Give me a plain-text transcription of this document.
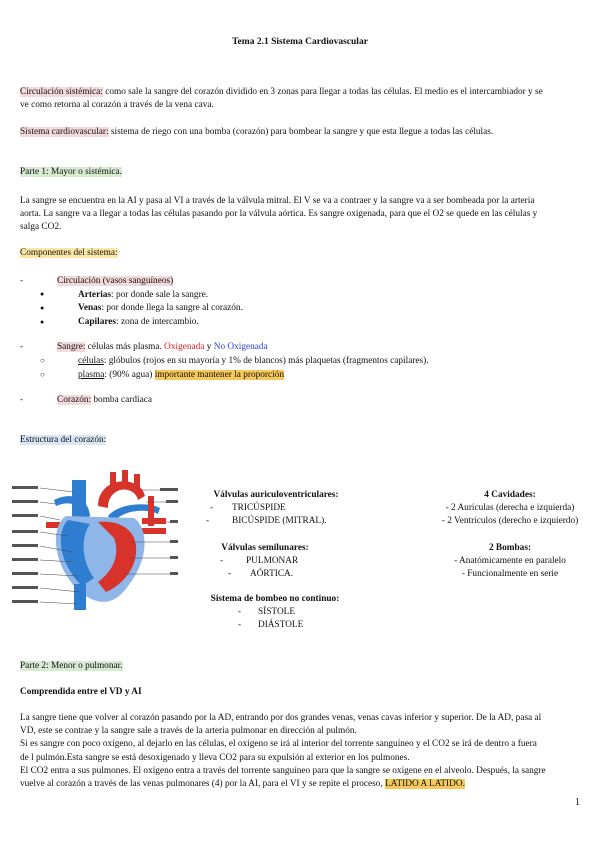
Tema 2.1 Sistema Cardiovascular
Circulación sistémica: como sale la sangre del corazón dividido en 3 zonas para llegar a todas las células. El medio es el intercambiador y se
ve como retorna al corazón a través de la vena cava.
Sistema cardiovascular: sistema de riego con una bomba (corazón) para bombear la sangre y que esta llegue a todas las células.
Parte 1: Mayor o sistémica.
La sangre se encuentra en la AI y pasa al VI a través de la válvula mitral. El V se va a contraer y la sangre va a ser bombeada por la arteria
aorta. La sangre va a llegar a todas las células pasando por la válvula aórtica. Es sangre oxigenada, para que el O2 se quede en las células y
salga CO2.
Componentes del sistema:
-	Circulación (vasos sanguíneos)
●	Arterias: por donde sale la sangre.
●	Venas: por donde llega la sangre al corazón.
●	Capilares: zona de intercambio.
-	Sangre: células más plasma. Oxigenada y No Oxigenada
○	células: glóbulos (rojos en su mayoría y 1% de blancos) más plaquetas (fragmentos capilares).
○	plasma: (90% agua) importante mantener la proporción
-	Corazón: bomba cardíaca
Estructura del corazón:
Válvulas auriculoventriculares:
- TRICÚSPIDE
- BICÚSPIDE (MITRAL).
Válvulas semilunares:
- PULMONAR
- AÓRTICA.
Sistema de bombeo no continuo:
- SÍSTOLE
- DIÁSTOLE
4 Cavidades:
- 2 Aurículas (derecha e izquierda)
- 2 Ventrículos (derecho e izquierdo)
2 Bombas:
- Anatómicamente en paralelo
- Funcionalmente en serie
Parte 2: Menor o pulmonar.
Comprendida entre el VD y AI
La sangre tiene que volver al corazón pasando por la AD, entrando por dos grandes venas, venas cavas inferior y superior. De la AD, pasa al
VD, este se contrae y la sangre sale a través de la arteria pulmonar en dirección al pulmón.
Si es sangre con poco oxígeno, al dejarlo en las células, el oxígeno se irá al interior del torrente sanguíneo y el CO2 se irá de dentro a fuera
de l pulmón.Esta sangre se está desoxigenado y lleva CO2 para su expulsión al exterior en los pulmones.
El CO2 entra a sus pulmones. El oxígeno entra a través del torrente sanguíneo para que la sangre se oxigene en el alveolo. Después, la sangre
vuelve al corazón a través de las venas pulmonares (4) por la AI, para el VI y se repite el proceso, LATIDO A LATIDO.
1
